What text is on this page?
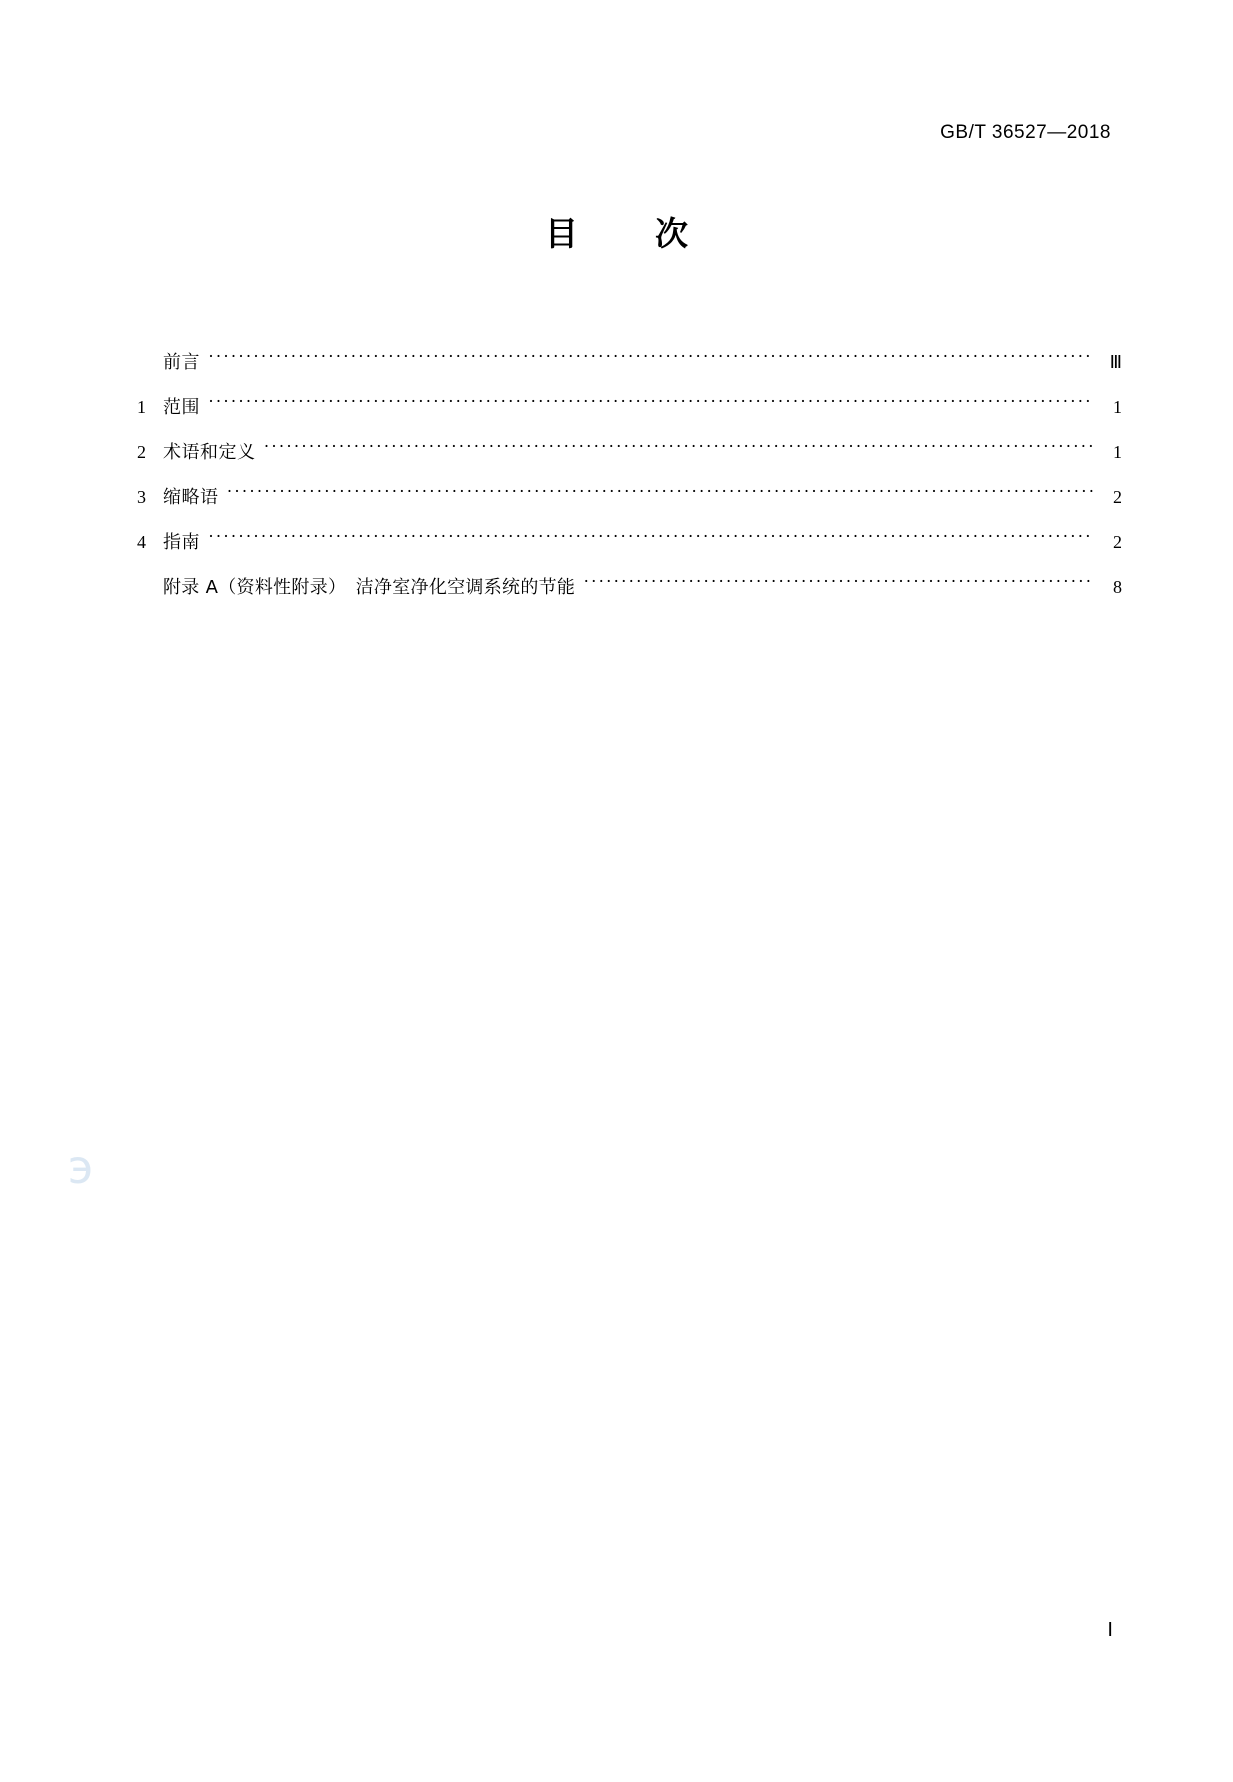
GB/T 36527—2018
目　次
前言 ·····	Ⅲ
1 范围 ·····	1
2 术语和定义 ·····	1
3 缩略语 ·····	2
4 指南 ·····	2
附录 A（资料性附录）　洁净室净化空调系统的节能 ·····	8
э
Ⅰ
